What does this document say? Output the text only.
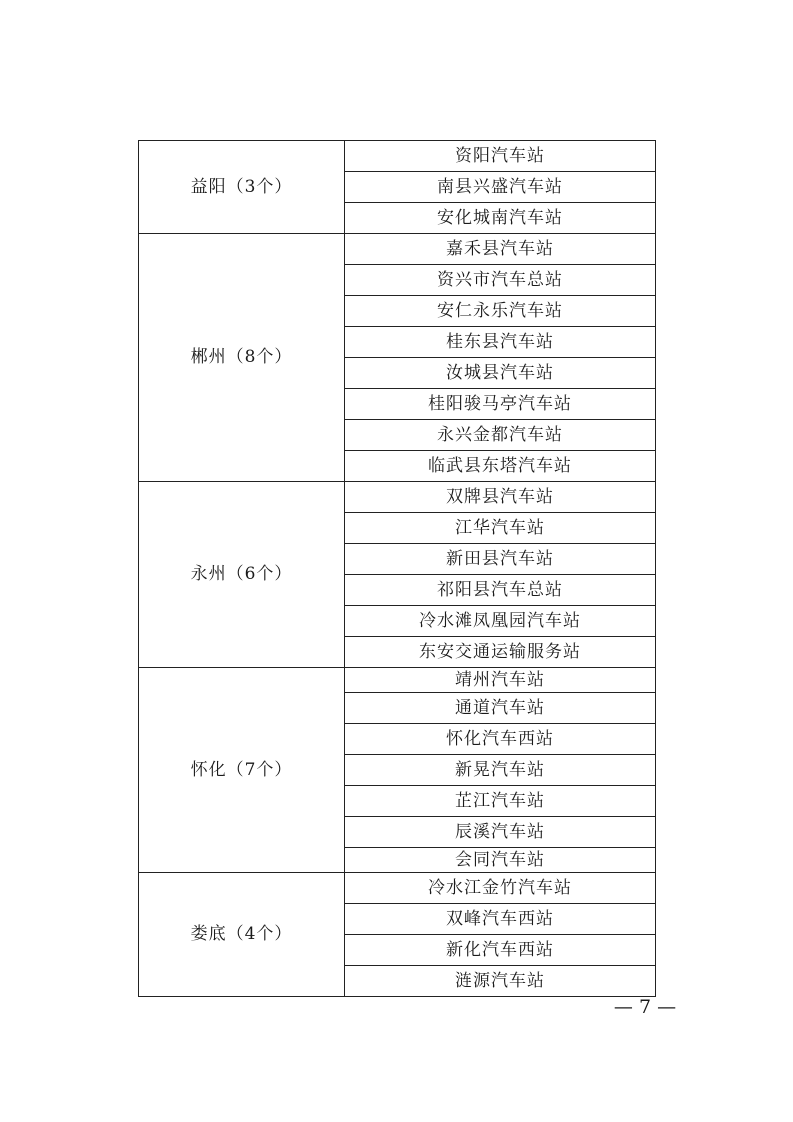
益阳（3个）	资阳汽车站
	南县兴盛汽车站
	安化城南汽车站
郴州（8个）	嘉禾县汽车站
	资兴市汽车总站
	安仁永乐汽车站
	桂东县汽车站
	汝城县汽车站
	桂阳骏马亭汽车站
	永兴金都汽车站
	临武县东塔汽车站
永州（6个）	双牌县汽车站
	江华汽车站
	新田县汽车站
	祁阳县汽车总站
	冷水滩凤凰园汽车站
	东安交通运输服务站
怀化（7个）	靖州汽车站
	通道汽车站
	怀化汽车西站
	新晃汽车站
	芷江汽车站
	辰溪汽车站
	会同汽车站
娄底（4个）	冷水江金竹汽车站
	双峰汽车西站
	新化汽车西站
	涟源汽车站
— 7 —
